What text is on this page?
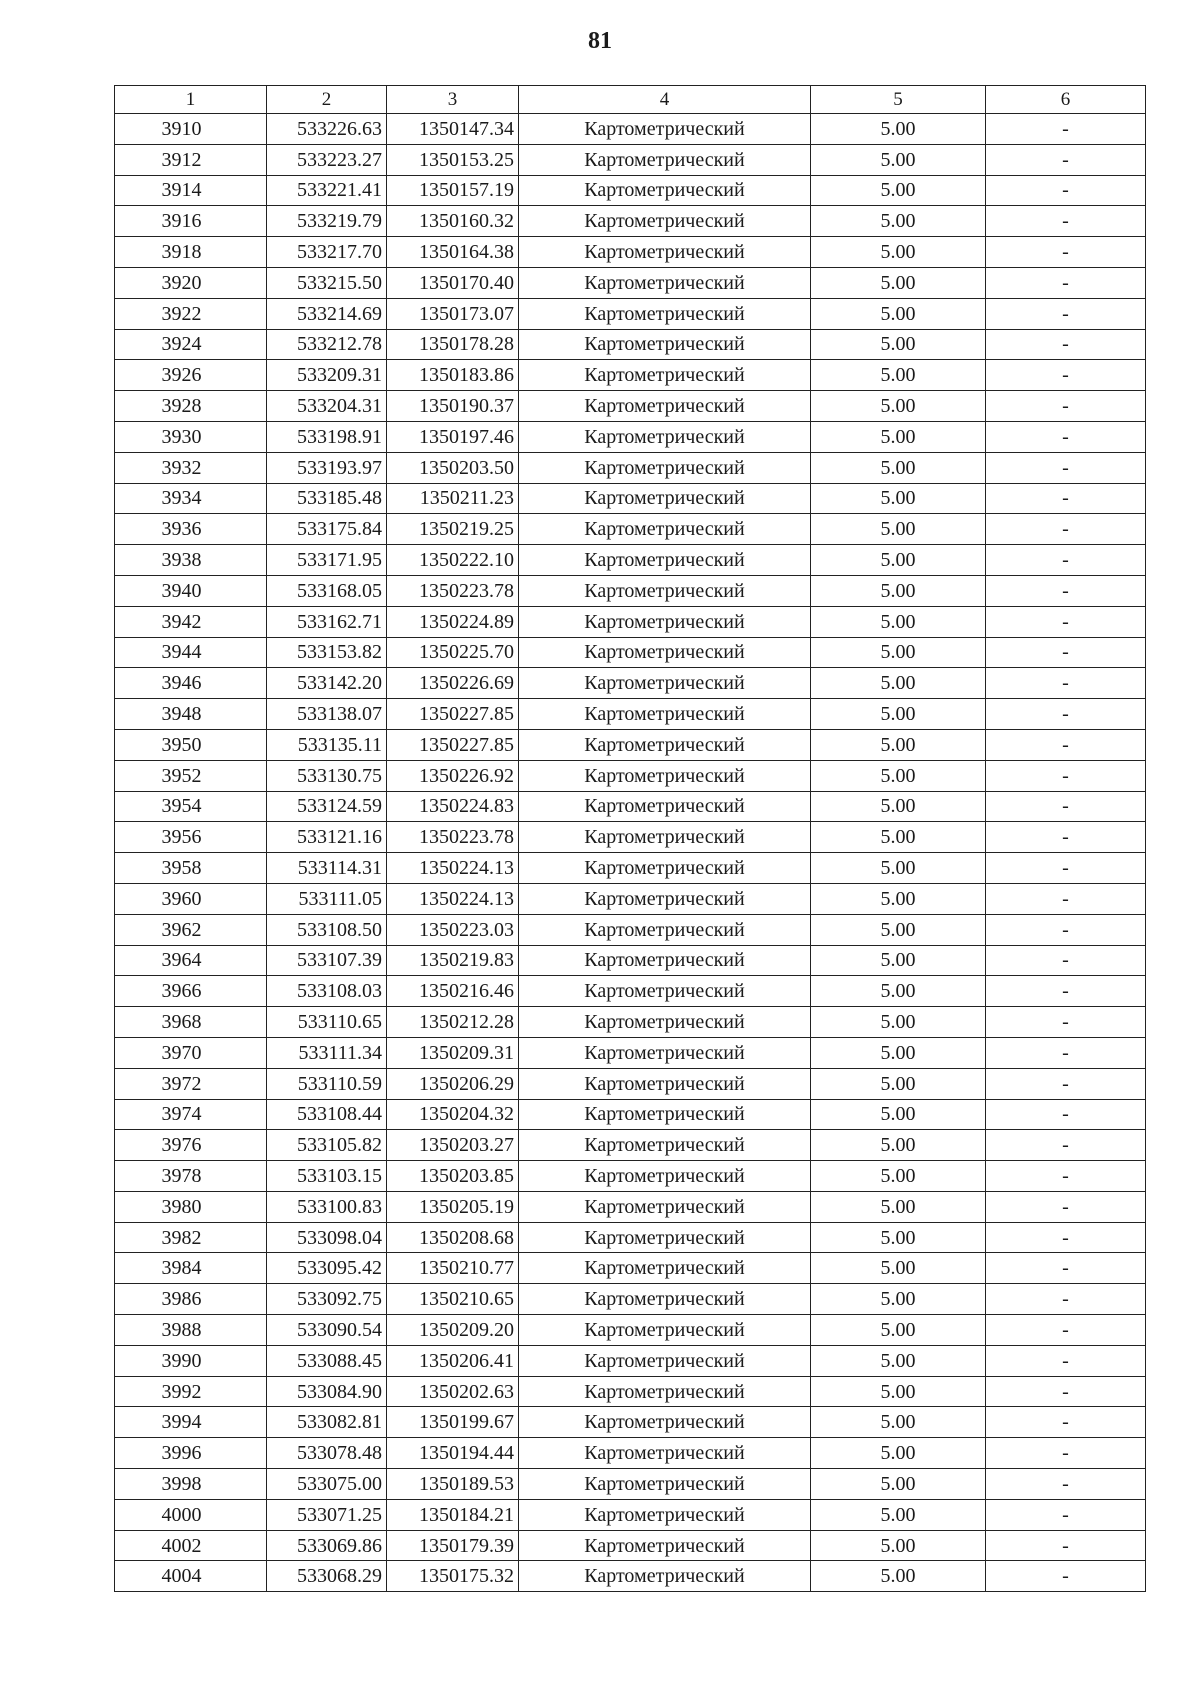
81
1	2	3	4	5	6
3910	533226.63	1350147.34	Картометрический	5.00	-
3912	533223.27	1350153.25	Картометрический	5.00	-
3914	533221.41	1350157.19	Картометрический	5.00	-
3916	533219.79	1350160.32	Картометрический	5.00	-
3918	533217.70	1350164.38	Картометрический	5.00	-
3920	533215.50	1350170.40	Картометрический	5.00	-
3922	533214.69	1350173.07	Картометрический	5.00	-
3924	533212.78	1350178.28	Картометрический	5.00	-
3926	533209.31	1350183.86	Картометрический	5.00	-
3928	533204.31	1350190.37	Картометрический	5.00	-
3930	533198.91	1350197.46	Картометрический	5.00	-
3932	533193.97	1350203.50	Картометрический	5.00	-
3934	533185.48	1350211.23	Картометрический	5.00	-
3936	533175.84	1350219.25	Картометрический	5.00	-
3938	533171.95	1350222.10	Картометрический	5.00	-
3940	533168.05	1350223.78	Картометрический	5.00	-
3942	533162.71	1350224.89	Картометрический	5.00	-
3944	533153.82	1350225.70	Картометрический	5.00	-
3946	533142.20	1350226.69	Картометрический	5.00	-
3948	533138.07	1350227.85	Картометрический	5.00	-
3950	533135.11	1350227.85	Картометрический	5.00	-
3952	533130.75	1350226.92	Картометрический	5.00	-
3954	533124.59	1350224.83	Картометрический	5.00	-
3956	533121.16	1350223.78	Картометрический	5.00	-
3958	533114.31	1350224.13	Картометрический	5.00	-
3960	533111.05	1350224.13	Картометрический	5.00	-
3962	533108.50	1350223.03	Картометрический	5.00	-
3964	533107.39	1350219.83	Картометрический	5.00	-
3966	533108.03	1350216.46	Картометрический	5.00	-
3968	533110.65	1350212.28	Картометрический	5.00	-
3970	533111.34	1350209.31	Картометрический	5.00	-
3972	533110.59	1350206.29	Картометрический	5.00	-
3974	533108.44	1350204.32	Картометрический	5.00	-
3976	533105.82	1350203.27	Картометрический	5.00	-
3978	533103.15	1350203.85	Картометрический	5.00	-
3980	533100.83	1350205.19	Картометрический	5.00	-
3982	533098.04	1350208.68	Картометрический	5.00	-
3984	533095.42	1350210.77	Картометрический	5.00	-
3986	533092.75	1350210.65	Картометрический	5.00	-
3988	533090.54	1350209.20	Картометрический	5.00	-
3990	533088.45	1350206.41	Картометрический	5.00	-
3992	533084.90	1350202.63	Картометрический	5.00	-
3994	533082.81	1350199.67	Картометрический	5.00	-
3996	533078.48	1350194.44	Картометрический	5.00	-
3998	533075.00	1350189.53	Картометрический	5.00	-
4000	533071.25	1350184.21	Картометрический	5.00	-
4002	533069.86	1350179.39	Картометрический	5.00	-
4004	533068.29	1350175.32	Картометрический	5.00	-
